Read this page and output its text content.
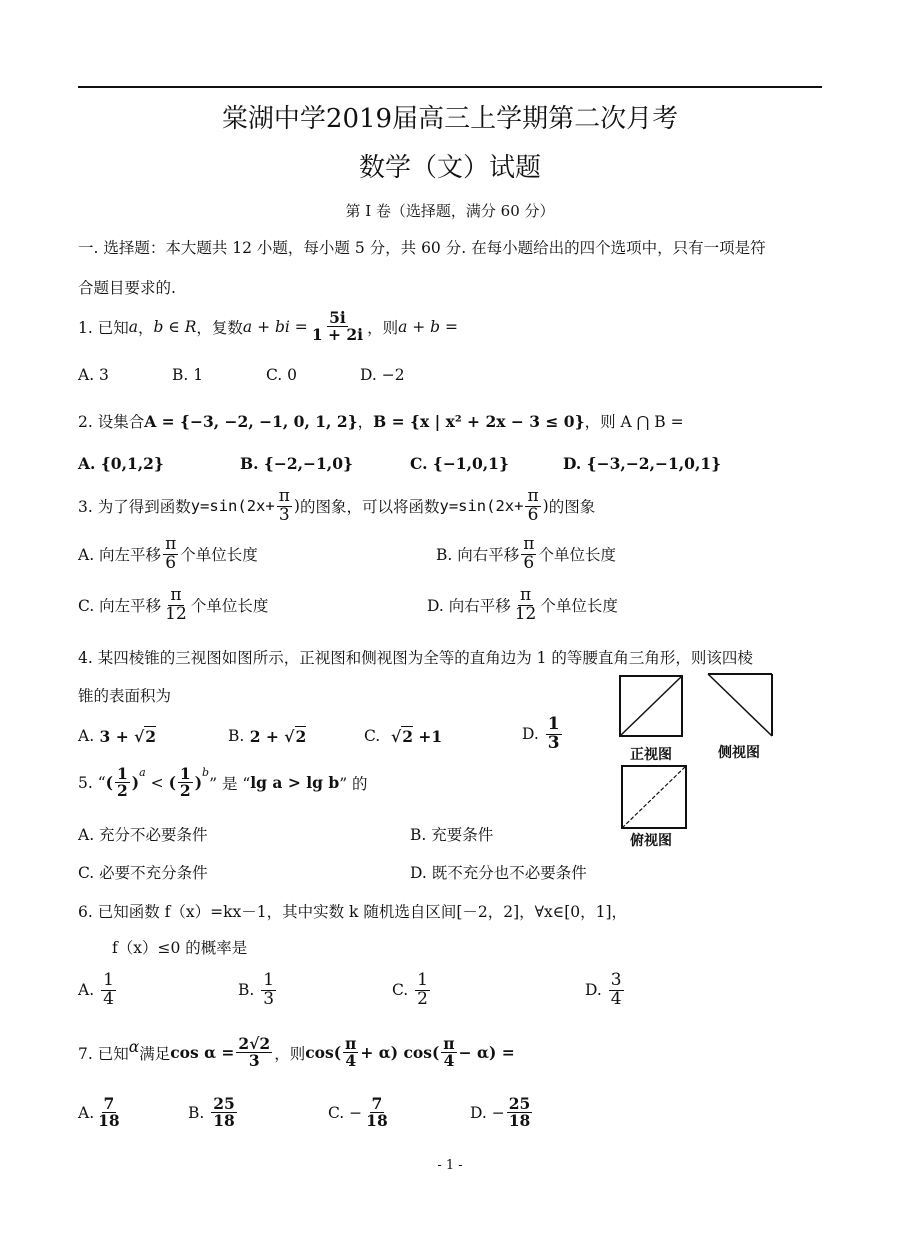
棠湖中学2019届高三上学期第二次月考
数学（文）试题
第 I 卷（选择题，满分 60 分）
一. 选择题：本大题共 12 小题，每小题 5 分，共 60 分. 在每小题给出的四个选项中，只有一项是符
合题目要求的.
1. 已知 a ， b ∈ R ，复数 a + bi = $\frac{5i}{1 + 2i}$ ，则 a + b =
A. 3	B. 1	C. 0	D. −2
2. 设集合A = {−3, −2, −1, 0, 1, 2}，B = {x | x² + 2x − 3 ≤ 0}，则 A ⋂ B =
A. {0,1,2}	B. {−2,−1,0}	C. {−1,0,1}	D. {−3,−2,−1,0,1}
3. 为了得到函数 $y=\sin(2x+ \frac{\pi}{3}$ ) 的图象，可以将函数 $y=\sin(2x+ \frac{\pi}{6}$ ) 的图象
A. 向左平移 $\frac{\pi}{6}$ 个单位长度	B. 向右平移 $\frac{\pi}{6}$ 个单位长度
C. 向左平移 $\frac{\pi}{12}$ 个单位长度	D. 向右平移 $\frac{\pi}{12}$ 个单位长度
4. 某四棱锥的三视图如图所示，正视图和侧视图为全等的直角边为 1 的等腰直角三角形，则该四棱
锥的表面积为
A.
3 + √ 2	B.
2 + √ 2	C. √ 2
+1	D.
$\frac{1}{3}$
正视图	侧视图
俯视图
5. “ ( $\frac{1}{2}$ )
$^a$

<
( $\frac{1}{2}$ )
$^b$
” 是 “ lg a > lg b ” 的
A. 充分不必要条件	B. 充要条件
C. 必要不充分条件	D. 既不充分也不必要条件
6. 已知函数 f（x）=kx－1，其中实数 k 随机选自区间[－2，2]，∀x∈[0，1]，
f（x）≤0 的概率是
A.
$\frac{1}{4}$	B.
$\frac{1}{3}$	C.
$\frac{1}{2}$	D.
$\frac{3}{4}$
7. 已知 α 满足 $\cos \alpha = \frac{2√2}{3}$ ，则 $\cos( \frac{\pi}{4} + \alpha)$ $\cos( \frac{\pi}{4} - \alpha)$ =
A. $\frac{7}{18}$	B.
$\frac{25}{18}$	C. − $\frac{7}{18}$	D. − $\frac{25}{18}$
- 1 -
